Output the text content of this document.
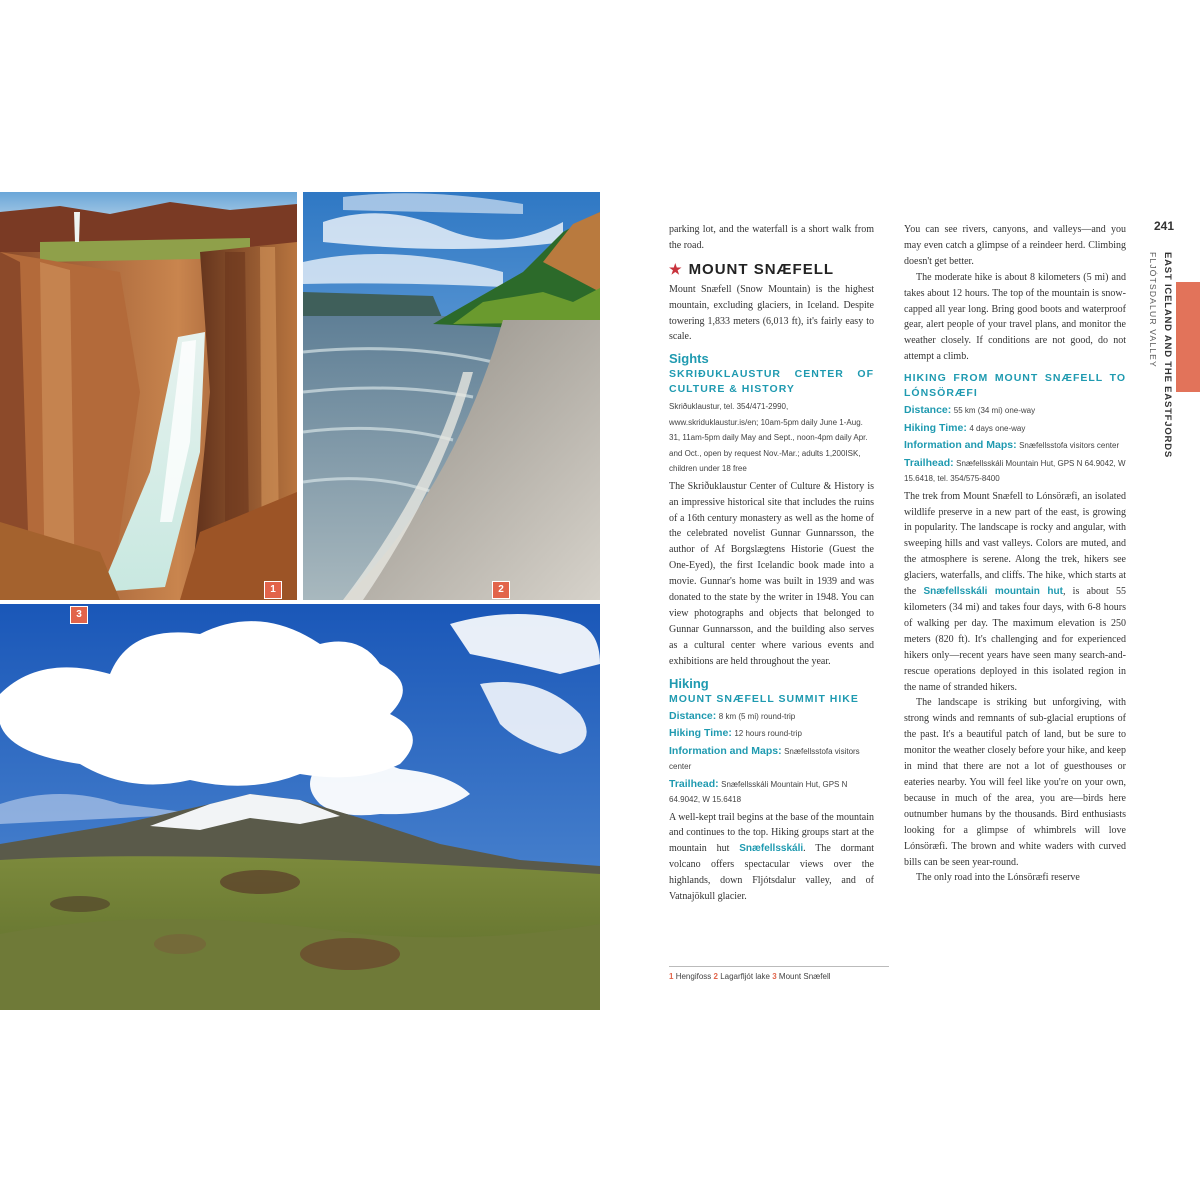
1	2
3
241
EAST ICELAND AND THE EASTFJORDS
FLJÓTSDALUR VALLEY

parking lot, and the waterfall is a short walk from the road.

★ MOUNT SNÆFELL

Mount Snæfell (Snow Mountain) is the highest mountain, excluding glaciers, in Iceland. Despite towering 1,833 meters (6,013 ft), it's fairly easy to scale.

Sights
SKRIÐUKLAUSTUR CENTER OF CULTURE & HISTORY
Skriðuklaustur, tel. 354/471-2990, www.skriduklaustur.is/en; 10am-5pm daily June 1-Aug. 31, 11am-5pm daily May and Sept., noon-4pm daily Apr. and Oct., open by request Nov.-Mar.; adults 1,200ISK, children under 18 free

The Skriðuklaustur Center of Culture & History is an impressive historical site that includes the ruins of a 16th century monastery as well as the home of the celebrated novelist Gunnar Gunnarsson, the author of Af Borgslægtens Historie (Guest the One-Eyed), the first Icelandic book made into a movie. Gunnar's home was built in 1939 and was donated to the state by the writer in 1948. You can view photographs and objects that belonged to Gunnar Gunnarsson, and the building also serves as a cultural center where various events and exhibitions are held throughout the year.

Hiking
MOUNT SNÆFELL SUMMIT HIKE
Distance: 8 km (5 mi) round-trip
Hiking Time: 12 hours round-trip
Information and Maps: Snæfellsstofa visitors center
Trailhead: Snæfellsskáli Mountain Hut, GPS N 64.9042, W 15.6418

A well-kept trail begins at the base of the mountain and continues to the top. Hiking groups start at the mountain hut Snæfellsskáli. The dormant volcano offers spectacular views over the highlands, down Fljótsdalur valley, and of Vatnajökull glacier.

You can see rivers, canyons, and valleys—and you may even catch a glimpse of a reindeer herd. Climbing doesn't get better.

The moderate hike is about 8 kilometers (5 mi) and takes about 12 hours. The top of the mountain is snow-capped all year long. Bring good boots and waterproof gear, alert people of your travel plans, and monitor the weather closely. If conditions are not good, do not attempt a climb.

HIKING FROM MOUNT SNÆFELL TO LÓNSÖRÆFI
Distance: 55 km (34 mi) one-way
Hiking Time: 4 days one-way
Information and Maps: Snæfellsstofa visitors center
Trailhead: Snæfellsskáli Mountain Hut, GPS N 64.9042, W 15.6418, tel. 354/575-8400

The trek from Mount Snæfell to Lónsöræfi, an isolated wildlife preserve in a new part of the east, is growing in popularity. The landscape is rocky and angular, with sweeping hills and vast valleys. Colors are muted, and the atmosphere is serene. Along the trek, hikers see glaciers, waterfalls, and cliffs. The hike, which starts at the Snæfellsskáli mountain hut, is about 55 kilometers (34 mi) and takes four days, with 6-8 hours of walking per day. The maximum elevation is 250 meters (820 ft). It's challenging and for experienced hikers only—recent years have seen many search-and-rescue operations deployed in this isolated region in the name of stranded hikers.

The landscape is striking but unforgiving, with strong winds and remnants of sub-glacial eruptions of the past. It's a beautiful patch of land, but be sure to monitor the weather closely before your hike, and keep in mind that there are not a lot of guesthouses or eateries nearby. You will feel like you're on your own, because in much of the area, you are—birds here outnumber humans by the thousands. Bird enthusiasts looking for a glimpse of whimbrels will love Lónsöræfi. The brown and white waders with curved bills can be seen year-round.

The only road into the Lónsöræfi reserve

1 Hengifoss 2 Lagarfljót lake 3 Mount Snæfell
